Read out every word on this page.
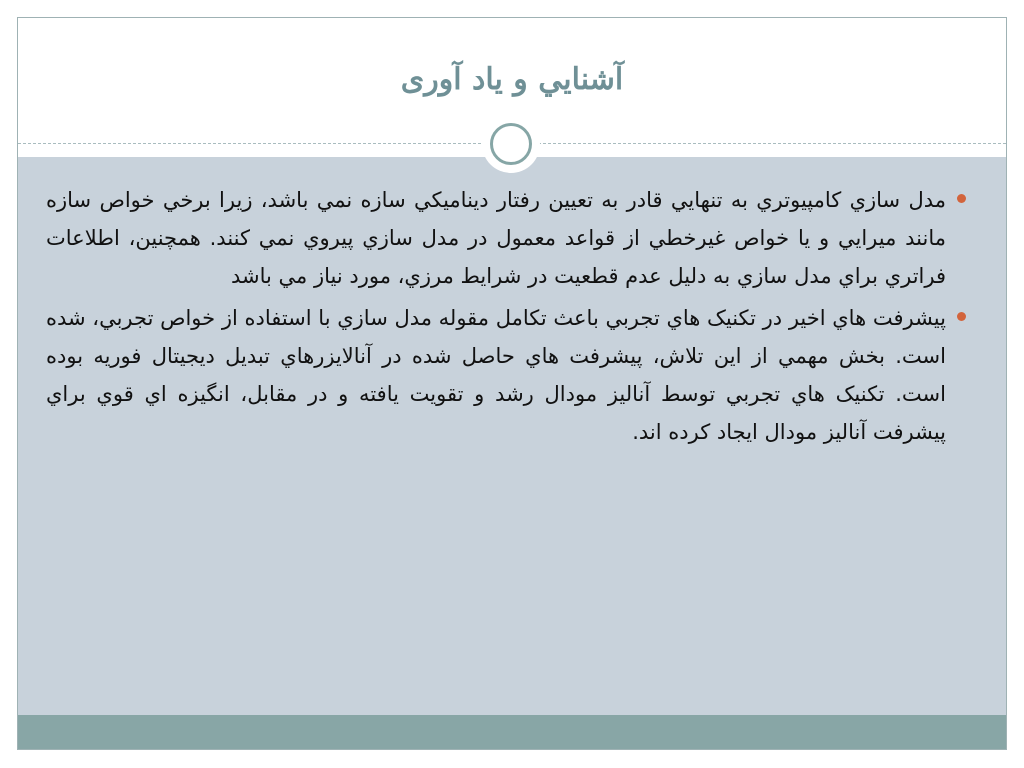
آشنايي و ياد آوری
مدل سازي كامپيوتري به تنهايي قادر به تعيين رفتار ديناميكي سازه نمي باشد، زيرا برخي خواص سازه مانند ميرايي و يا خواص غيرخطي از قواعد معمول در مدل سازي پيروي نمي كنند. همچنين، اطلاعات فراتري براي مدل سازي به دليل عدم قطعيت در شرايط مرزي، مورد نياز مي باشد
پیشرفت هاي اخير در تکنیک هاي تجربي باعث تكامل مقوله مدل سازي با استفاده از خواص تجربي، شده است. بخش مهمي از اين تلاش، پیشرفت هاي حاصل شده در آنالايزرهاي تبديل ديجيتال فوريه بوده است. تکنیک هاي تجربي توسط آناليز مودال رشد و تقويت يافته و در مقابل، انگيزه اي قوي براي پيشرفت آناليز مودال ايجاد كرده اند.
